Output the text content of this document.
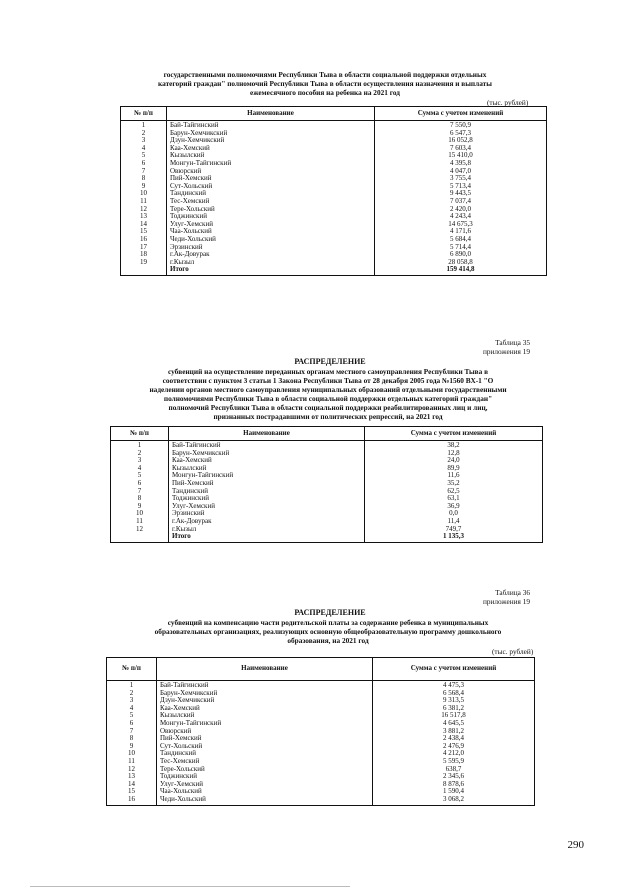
государственными полномочиями Республики Тыва в области социальной поддержки отдельных
категорий граждан" полномочий Республики Тыва в области осуществления назначения и выплаты
ежемесячного пособия на ребенка на 2021 год
(тыс. рублей)
№ п/п	Наименование	Сумма с учетом изменений
1	Бай-Тайгинский	7 550,9
2	Барун-Хемчикский	6 547,3
3	Дзун-Хемчикский	16 052,8
4	Каа-Хемский	7 603,4
5	Кызылский	15 410,0
6	Монгун-Тайгинский	4 395,8
7	Овюрский	4 047,0
8	Пий-Хемский	3 755,4
9	Сут-Хольский	5 713,4
10	Тандинский	9 443,5
11	Тес-Хемский	7 037,4
12	Тере-Хольский	2 420,0
13	Тоджинский	4 243,4
14	Улуг-Хемский	14 675,3
15	Чаа-Хольский	4 171,6
16	Чеди-Хольский	5 684,4
17	Эрзинский	5 714,4
18	г.Ак-Довурак	6 890,0
19	г.Кызыл	28 058,8
	Итого	159 414,8
Таблица 35
приложения 19
РАСПРЕДЕЛЕНИЕ
субвенций на осуществление переданных органам местного самоуправления Республики Тыва в
соответствии с пунктом 3 статьи 1 Закона Республики Тыва от 28 декабря 2005 года №1560 ВХ-1 "О
наделении органов местного самоуправления муниципальных образований отдельными государственными
полномочиями Республики Тыва в области социальной поддержки отдельных категорий граждан"
полномочий Республики Тыва в области социальной поддержки реабилитированных лиц и лиц,
признанных пострадавшими от политических репрессий, на 2021 год
№ п/п	Наименование	Сумма с учетом изменений
1	Бай-Тайгинский	38,2
2	Барун-Хемчикский	12,8
3	Каа-Хемский	24,0
4	Кызылский	89,9
5	Монгун-Тайгинский	11,6
6	Пий-Хемский	35,2
7	Тандинский	62,5
8	Тоджинский	63,1
9	Улуг-Хемский	36,9
10	Эрзинский	0,0
11	г.Ак-Довурак	11,4
12	г.Кызыл	749,7
	Итого	1 135,3
Таблица 36
приложения 19
РАСПРЕДЕЛЕНИЕ
субвенций на компенсацию части родительской платы за содержание ребенка в муниципальных
образовательных организациях, реализующих основную общеобразовательную программу дошкольного
образования, на 2021 год
(тыс. рублей)
№ п/п	Наименование	Сумма с учетом изменений
1	Бай-Тайгинский	4 475,3
2	Барун-Хемчикский	6 568,4
3	Дзун-Хемчикский	9 313,5
4	Каа-Хемский	6 381,2
5	Кызылский	16 517,8
6	Монгун-Тайгинский	4 645,5
7	Овюрский	3 881,2
8	Пий-Хемский	2 438,4
9	Сут-Хольский	2 476,9
10	Тандинский	4 212,0
11	Тес-Хемский	5 595,9
12	Тере-Хольский	638,7
13	Тоджинский	2 345,6
14	Улуг-Хемский	8 878,6
15	Чаа-Хольский	1 590,4
16	Чеди-Хольский	3 068,2
290
